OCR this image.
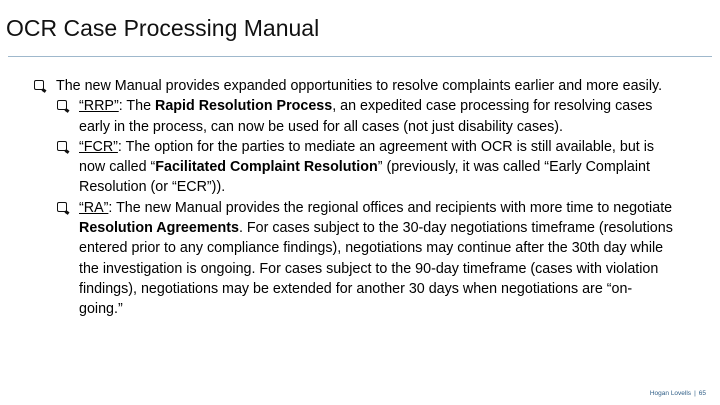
OCR Case Processing Manual
The new Manual provides expanded opportunities to resolve complaints earlier and more easily.
“RRP”: The Rapid Resolution Process, an expedited case processing for resolving cases early in the process, can now be used for all cases (not just disability cases).
“FCR”: The option for the parties to mediate an agreement with OCR is still available, but is now called “Facilitated Complaint Resolution” (previously, it was called “Early Complaint Resolution (or “ECR”)).
“RA”: The new Manual provides the regional offices and recipients with more time to negotiate Resolution Agreements. For cases subject to the 30-day negotiations timeframe (resolutions entered prior to any compliance findings), negotiations may continue after the 30th day while the investigation is ongoing. For cases subject to the 90-day timeframe (cases with violation findings), negotiations may be extended for another 30 days when negotiations are “on-going.”
Hogan Lovells | 65
